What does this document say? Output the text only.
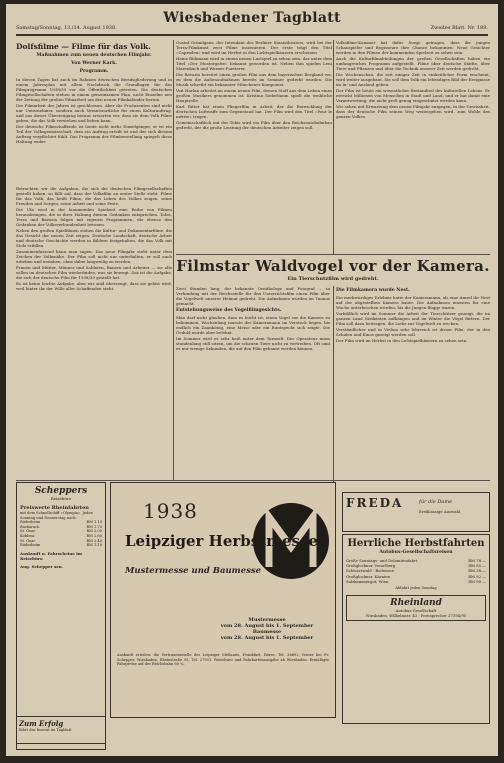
Samstag/Sonntag, 13./14. August 1938.
Wiesbadener Tagblatt
Zweites Blatt. Nr. 189.
Dolfsfilme — Filme für das Volk.
Maßnahmen zum neuen deutschen Filmjahr.
Von Werner Kark.
Programm.

In diesen Tagen hat auch im Rahmen deutschen Berufsgliederung und in einem Jahresplan mit allem Nachdruck die Grundlagen für das Filmprogramm 1938/39 vor die Öffentlichkeit getreten. Die deutschen Filmgesellschaften stehen in einem gemeinsamen Plan, nicht Einzelne neu der Zeitung der großen Filmarbeit um den neuen Filmkalender herum.

Die Filmarbeit des Jahres ist geschlossen. Aber die Produzenten sind nicht nur Unternehmer, sondern auch Verantwortliche für einen Kulturauftrag, und aus dieser Überzeugung heraus erwarten wir, dass sie dem Volk Filme geben, die das Volk verstehen und lieben kann.

Der deutsche Filmschaffende ist heute nicht mehr Einzelgänger, er ist ein Teil der Volksgemeinschaft, dem ein Auftrag erteilt ist und der sich diesem Auftrag verpflichtet fühlt. Das Programm der Filmherstellung spiegelt diese Haltung wider.

Betrachten wir die Aufgaben, die sich die deutschen Filmgesellschaften gestellt haben, so fällt auf, dass der Volksfilm an erster Stelle steht. Filme für das Volk, das heißt Filme, die das Leben des Volkes zeigen, seine Freuden und Sorgen, seine Arbeit und seine Feste.

Die Ufa wird in der kommenden Spielzeit eine Reihe von Filmen herausbringen, die in ihrer Haltung diesem Gedanken entsprechen. Tobis, Terra und Bavaria folgen mit eigenen Programmen, die ebenso den Gedanken der Volksverbundenheit betonen.

Neben den großen Spielfilmen stehen die Kultur- und Dokumentarfilme, die das Gesicht der neuen Zeit zeigen. Deutsche Landschaft, deutsche Arbeit und deutsche Geschichte werden in Bildern festgehalten, die das Volk mit Stolz erfüllen.

Zusammenfassend kann man sagen: Das neue Filmjahr steht unter dem Zeichen der Volksnähe. Der Film soll nicht nur unterhalten, er soll auch erheben und erziehen, ohne dabei langweilig zu werden.

Frauen und Mütter, Männer und Soldaten, Bauern und Arbeiter — sie alle sollen im deutschen Film wiederfinden, was sie bewegt. Das ist die Aufgabe, die sich der deutsche Film für 1938/39 gestellt hat.

Es ist keine leichte Aufgabe, aber wir sind überzeugt, dass sie gelöst wird, weil hinter ihr der Wille aller Schaffenden steht.

Gustaf Gründgens, der Intendant des Berliner Staatstheaters, wird bei der Terra-Filmkunst zwei Filme inszenieren. Der erste trägt den Titel »Capriolen« und wird im Herbst in den Lichtspielhäusern erscheinen.

Heinz Rühmann wird in einem neuen Lustspiel zu sehen sein, das unter dem Titel »Der Mustergatte« bekannt geworden ist. Neben ihm spielen Leni Marenbach und Werner Fuetterer.

Die Bavaria bereitet einen großen Film aus dem bayerischen Bergland vor, zu dem die Außenaufnahmen bereits im Sommer gedreht wurden. Die Musik schreibt ein bekannter Münchener Komponist.

Veit Harlan arbeitet an einem neuen Film, dessen Stoff aus dem Leben eines großen Musikers genommen ist. Kristina Söderbaum spielt die weibliche Hauptrolle.

Karl Ritter hat einen Fliegerfilm in Arbeit, der die Entwicklung der deutschen Luftwaffe zum Gegenstand hat. Der Film wird den Titel »Pour le mérite« tragen.

Gemeinschaftlich mit der Tobis wird ein Film über den Reichsautobahnbau gedreht, der die große Leistung der deutschen Arbeiter zeigen soll.

Volksfilme-Kammer hat dafür Sorge getragen, dass die jungen Schauspieler und Regisseure ihre Chance bekommen. Neue Gesichter werden in den Filmen der kommenden Spielzeit zu sehen sein.

Auch die Kulturfilmabteilungen der großen Gesellschaften haben ein umfangreiches Programm aufgestellt. Filme über deutsche Städte, über Tiere und Pflanzen und über die Technik unserer Zeit werden gedreht.

Die Wochenschau, die seit einiger Zeit in einheitlicher Form erscheint, wird weiter ausgebaut. Sie soll dem Volk ein lebendiges Bild der Ereignisse im In- und Ausland geben.

Der Film ist heute ein wesentlicher Bestandteil des kulturellen Lebens. Er erreicht Millionen von Menschen in Stadt und Land, und er hat damit eine Verantwortung, die nicht groß genug eingeschätzt werden kann.

Wir sehen mit Erwartung dem neuen Filmjahr entgegen, in der Gewissheit, dass der deutsche Film seinen Weg weitergehen wird, zum Wohle des ganzen Volkes.

Filmstar Waldvogel vor der Kamera.
Ein Tierschutzfilm wird gedreht.

Zwei Stunden lang, der bekannte Ornithologe und Fotograf ... in Verbindung mit der Reichsstelle für den Unterrichtsfilm einen Film über die Vogelwelt unserer Heimat gedreht. Die Aufnahmen wurden im Taunus gemacht.

Entstehungsweise des Vogelfilmgesichts.

Man darf nicht glauben, dass es leicht ist, einen Vogel vor die Kamera zu bekommen. Wochenlang musste der Kameramann im Versteck liegen, bis endlich ein Zaunkönig, eine Meise oder ein Buntspecht sich zeigte. Die Geduld wurde aber belohnt.

Im Sommer wird es sehr heiß unter dem Tarnzelt. Der Operateur muss stundenlang still sitzen, um die scheuen Tiere nicht zu vertreiben. Oft sind es nur wenige Sekunden, die auf den Film gebannt werden können.

Die Filmkamera wurde Nest.

Ein merkwürdiges Erlebnis hatte der Kameramann, als eine Amsel ihr Nest auf der abgestellten Kamera baute. Die Aufnahmen mussten für eine Woche unterbrochen werden, bis die Jungen flügge waren.

Vorbildlich wird im Sommer die Arbeit der Tierschützer gezeigt, die im ganzen Land Nistkästen aufhängen und im Winter die Vögel füttern. Der Film soll dazu beitragen, die Liebe zur Vogelwelt zu wecken.

Verständlicher und in Vielem sehr lehrreich ist dieser Film, der in den Schulen und Kinos gezeigt werden soll.

Der Film wird im Herbst in den Lichtspielhäusern zu sehen sein.

Scheppers
Reisebüro
Preiswerte Rheinfahrten
mit dem Schnellschiff »Olympia«. Jeden Sonntag und Donnerstag nach:
Rüdesheim	RM 1.10
Bacharach	RM 1.70
St. Goar	RM 2.00
Koblenz	RM 2.60
St. Goar	RM 2.40
Rüdesheim	RM 1.10
Auskunft u. Fahrscheine im Reisebüro
Aug. Schepper sen.
1938
Leipziger Herbstmesse
Mustermesse und Baumesse
Mustermesse
vom 28. August bis 1. September
Baumesse
vom 28. August bis 1. September
Auskunft erteilen: die Vertrauensstelle des Leipziger Meßamts, Frankfurt, Börse, Tel. 26692; ferner bei Fr. Schepper, Wiesbaden, Rheinstraße 95, Tel. 27931. Reisebüro und Fahrkartenausgabe ab Wiesbaden. Ermäßigte Fahrpreise auf der Reichsbahn 60 %.
FREDA	für die Dame
Erstklassige Auswahl
Herrliche Herbstfahrten
Autobus-Gesellschaftsreisen
Große Sonntags- und Dolomitenfahrt	RM 78.—
Großglockner, Vorarlberg	RM 85.—
Schwarzwald - Bodensee	RM 38.—
Großglockner, Kärnten	RM 92.—
Salzkammergut, Wien	RM 98.—
Abfahrt jeden Sonntag
Rheinland
Autobus-Gesellschaft
Wiesbaden, Wilhelmstr. 43 · Fernsprecher 27194/95
Zum Erfolg
führt das Inserat im Tagblatt
